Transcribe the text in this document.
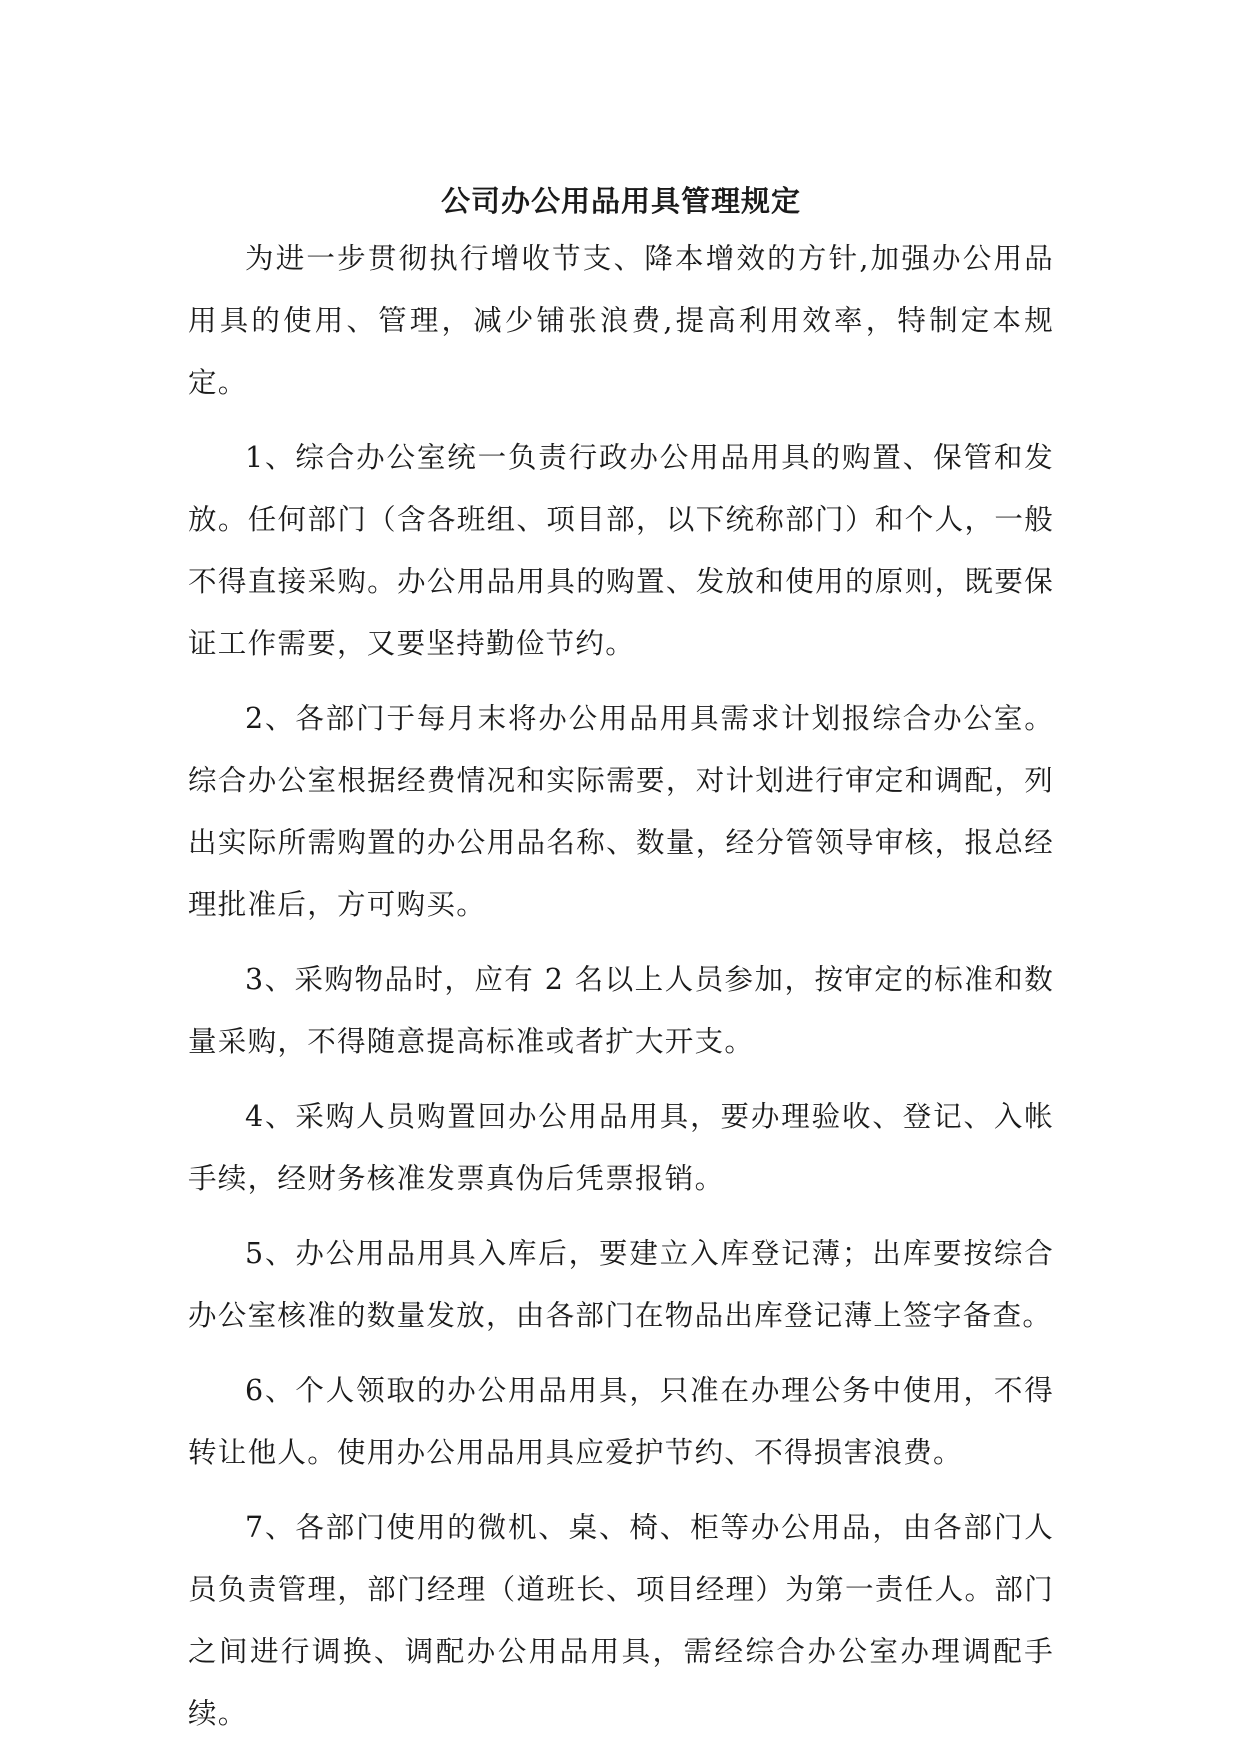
公司办公用品用具管理规定

为进一步贯彻执行增收节支、降本增效的方针,加强办公用品用具的使用、管理，减少铺张浪费,提高利用效率，特制定本规定。

1、综合办公室统一负责行政办公用品用具的购置、保管和发放。任何部门（含各班组、项目部，以下统称部门）和个人，一般不得直接采购。办公用品用具的购置、发放和使用的原则，既要保证工作需要，又要坚持勤俭节约。

2、各部门于每月末将办公用品用具需求计划报综合办公室。综合办公室根据经费情况和实际需要，对计划进行审定和调配，列出实际所需购置的办公用品名称、数量，经分管领导审核，报总经理批准后，方可购买。

3、采购物品时，应有 2 名以上人员参加，按审定的标准和数量采购，不得随意提高标准或者扩大开支。

4、采购人员购置回办公用品用具，要办理验收、登记、入帐手续，经财务核准发票真伪后凭票报销。

5、办公用品用具入库后，要建立入库登记薄；出库要按综合办公室核准的数量发放，由各部门在物品出库登记薄上签字备查。

6、个人领取的办公用品用具，只准在办理公务中使用，不得转让他人。使用办公用品用具应爱护节约、不得损害浪费。

7、各部门使用的微机、桌、椅、柜等办公用品，由各部门人员负责管理，部门经理（道班长、项目经理）为第一责任人。部门之间进行调换、调配办公用品用具，需经综合办公室办理调配手续。
